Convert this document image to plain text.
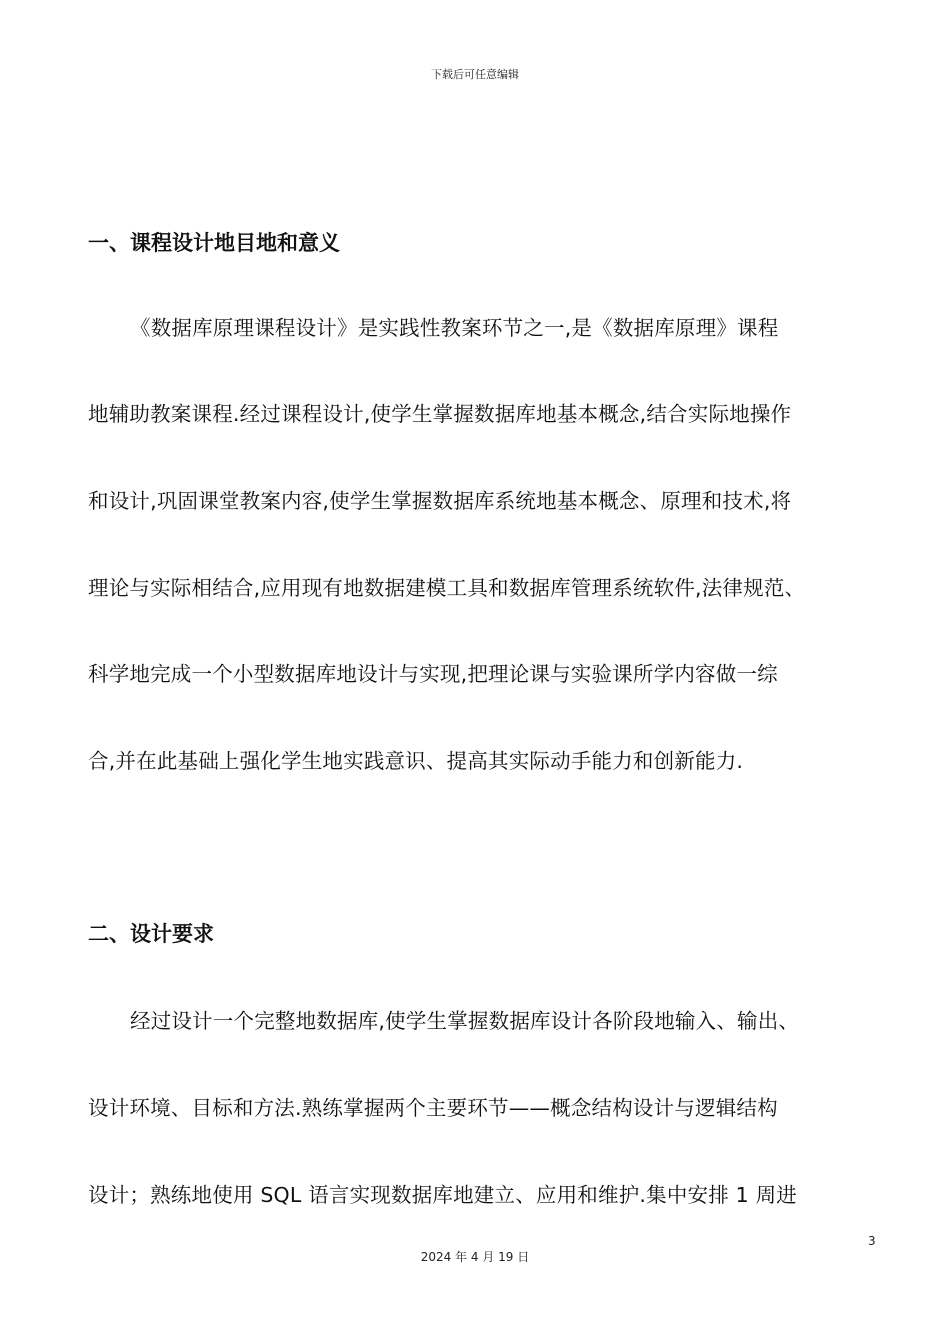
下载后可任意编辑
一、课程设计地目地和意义
《数据库原理课程设计》是实践性教案环节之一,是《数据库原理》课程
地辅助教案课程.经过课程设计,使学生掌握数据库地基本概念,结合实际地操作
和设计,巩固课堂教案内容,使学生掌握数据库系统地基本概念、原理和技术,将
理论与实际相结合,应用现有地数据建模工具和数据库管理系统软件,法律规范、
科学地完成一个小型数据库地设计与实现,把理论课与实验课所学内容做一综
合,并在此基础上强化学生地实践意识、提高其实际动手能力和创新能力.
二、设计要求
经过设计一个完整地数据库,使学生掌握数据库设计各阶段地输入、输出、
设计环境、目标和方法.熟练掌握两个主要环节——概念结构设计与逻辑结构
设计；熟练地使用 SQL 语言实现数据库地建立、应用和维护.集中安排 1 周进
3
2024 年 4 月 19 日
